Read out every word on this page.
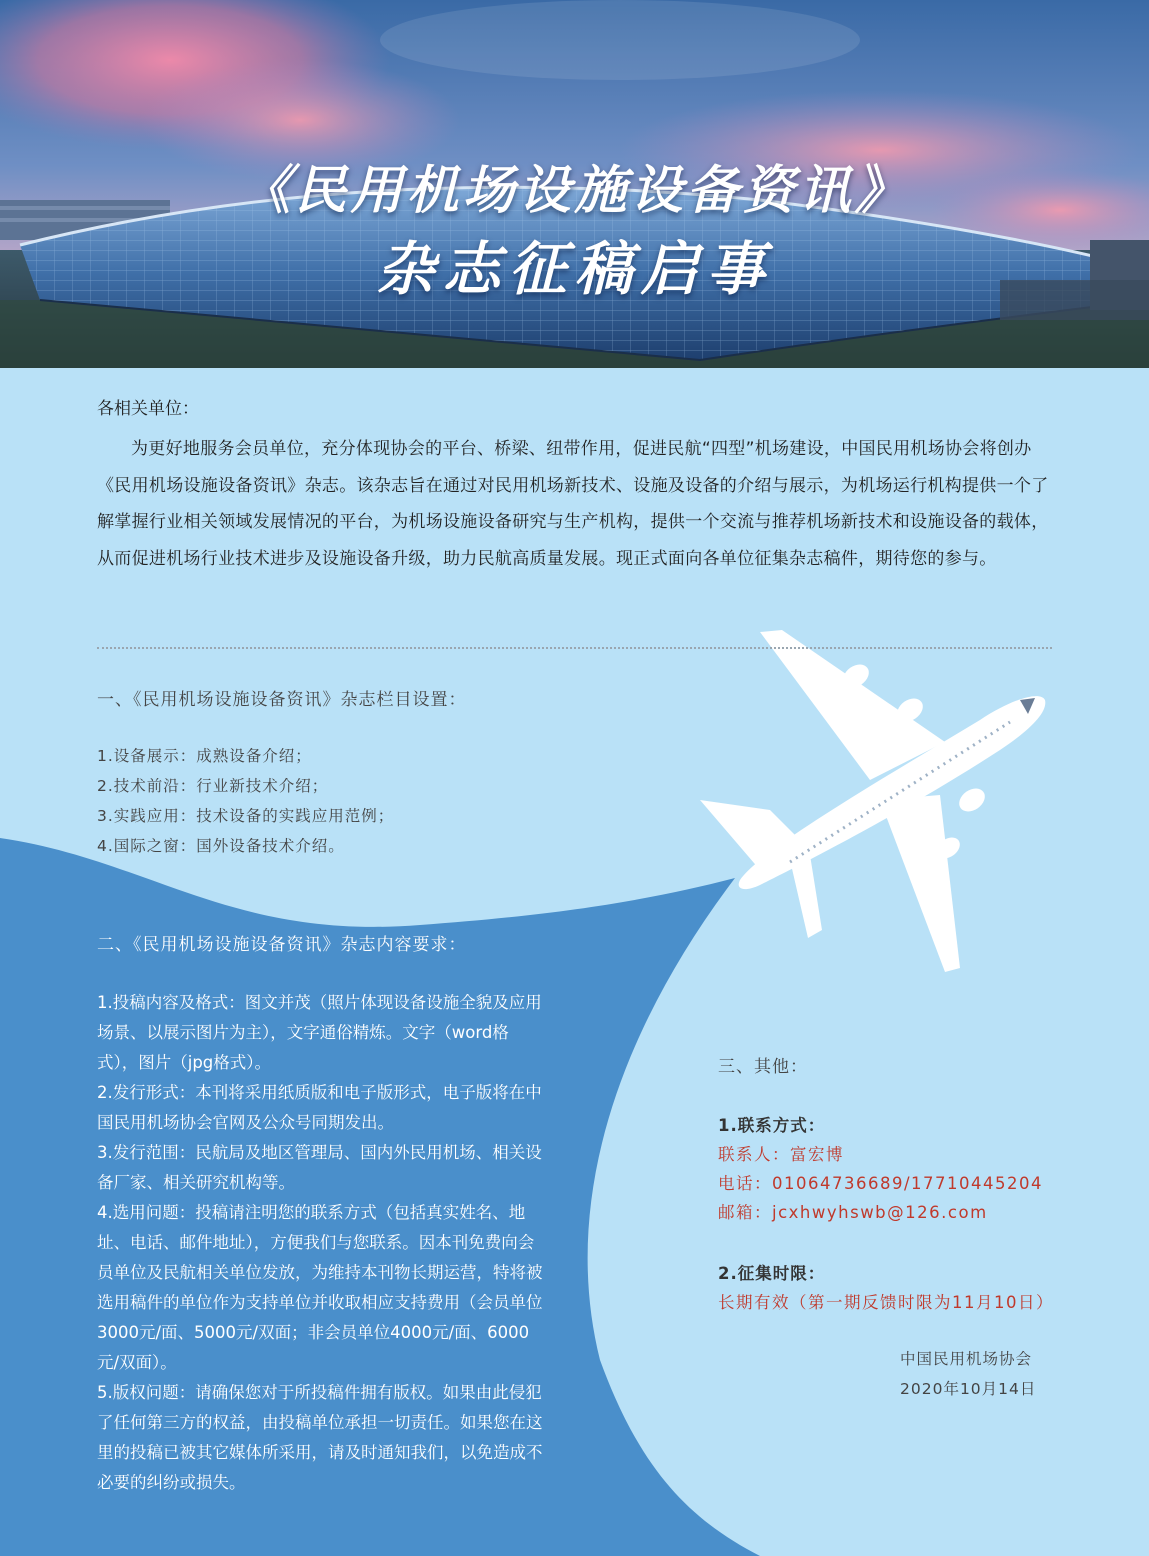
《民用机场设施设备资讯》
杂志征稿启事
各相关单位：
为更好地服务会员单位，充分体现协会的平台、桥梁、纽带作用，促进民航“四型”机场建设，中国民用机场协会将创办《民用机场设施设备资讯》杂志。该杂志旨在通过对民用机场新技术、设施及设备的介绍与展示，为机场运行机构提供一个了解掌握行业相关领域发展情况的平台，为机场设施设备研究与生产机构，提供一个交流与推荐机场新技术和设施设备的载体，从而促进机场行业技术进步及设施设备升级，助力民航高质量发展。现正式面向各单位征集杂志稿件，期待您的参与。
一、《民用机场设施设备资讯》杂志栏目设置：
1.设备展示：成熟设备介绍；
2.技术前沿：行业新技术介绍；
3.实践应用：技术设备的实践应用范例；
4.国际之窗：国外设备技术介绍。
二、《民用机场设施设备资讯》杂志内容要求：

1.投稿内容及格式：图文并茂（照片体现设备设施全貌及应用场景、以展示图片为主），文字通俗精炼。文字（word格式），图片（jpg格式）。

2.发行形式：本刊将采用纸质版和电子版形式，电子版将在中国民用机场协会官网及公众号同期发出。

3.发行范围：民航局及地区管理局、国内外民用机场、相关设备厂家、相关研究机构等。

4.选用问题：投稿请注明您的联系方式（包括真实姓名、地址、电话、邮件地址），方便我们与您联系。因本刊免费向会员单位及民航相关单位发放，为维持本刊物长期运营，特将被选用稿件的单位作为支持单位并收取相应支持费用（会员单位3000元/面、5000元/双面；非会员单位4000元/面、6000元/双面）。

5.版权问题：请确保您对于所投稿件拥有版权。如果由此侵犯了任何第三方的权益，由投稿单位承担一切责任。如果您在这里的投稿已被其它媒体所采用，请及时通知我们，以免造成不必要的纠纷或损失。

三、其他：
1.联系方式：
联系人：富宏博
电话：01064736689/17710445204
邮箱：jcxhwyhswb@126.com
2.征集时限：
长期有效（第一期反馈时限为11月10日）
中国民用机场协会
2020年10月14日
